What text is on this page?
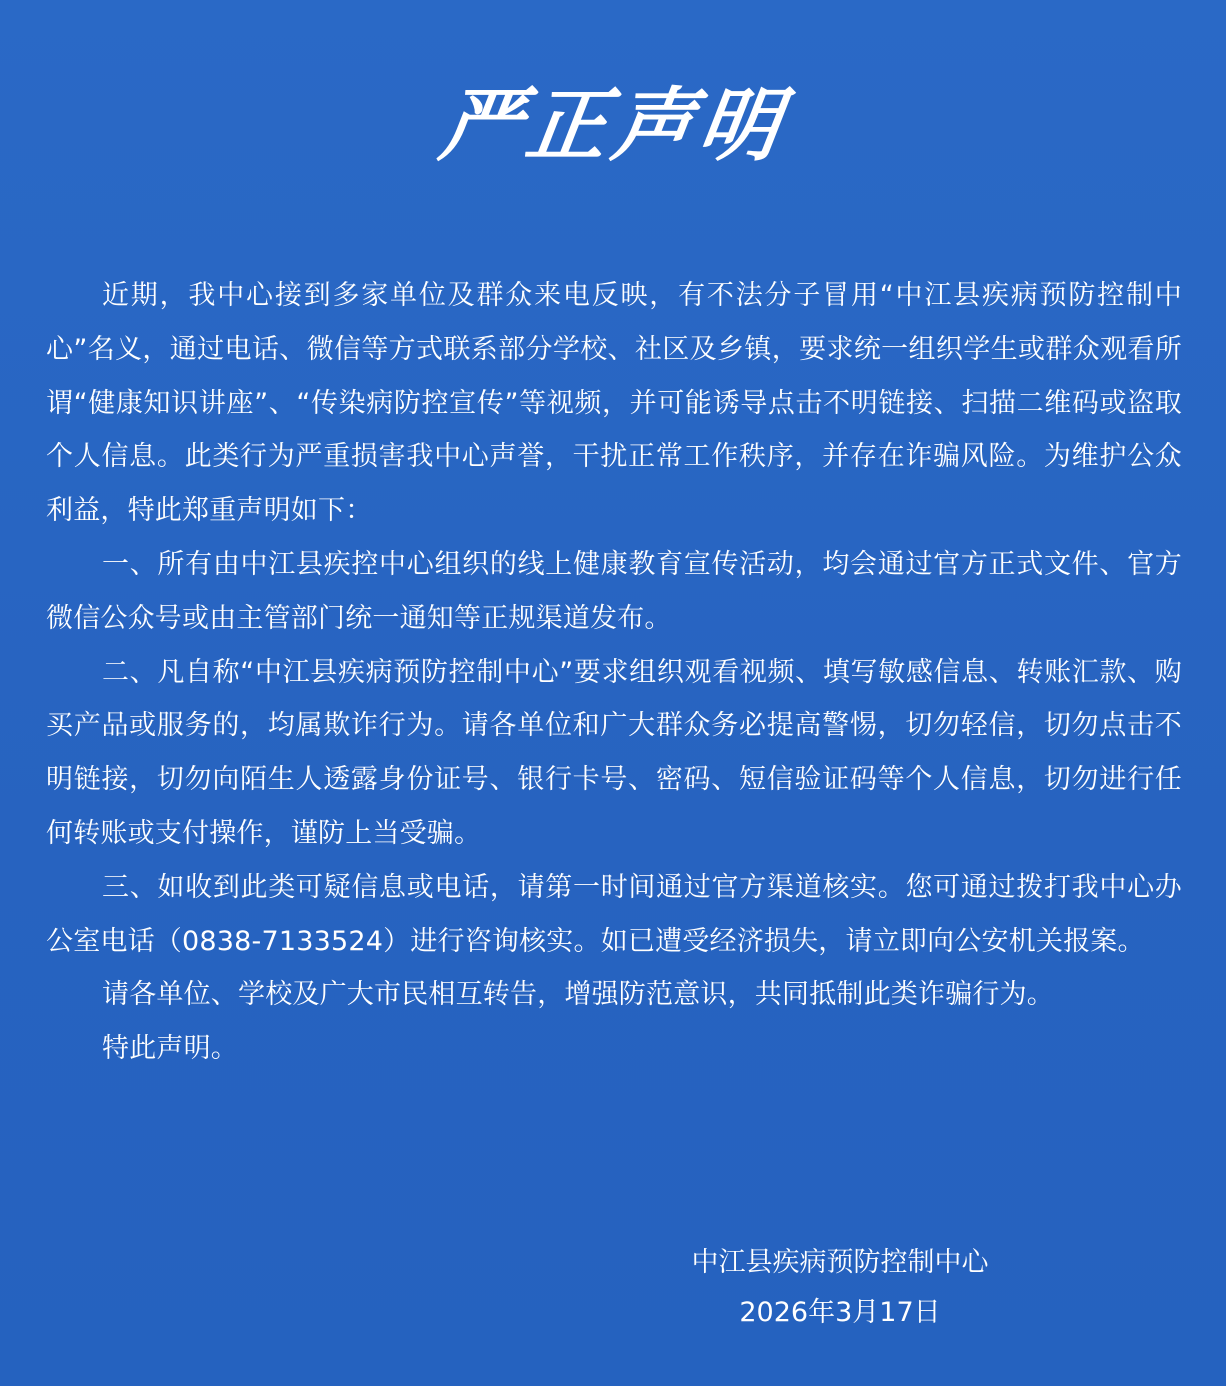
严正声明

近期，我中心接到多家单位及群众来电反映，有不法分子冒用“中江县疾病预防控制中心”名义，通过电话、微信等方式联系部分学校、社区及乡镇，要求统一组织学生或群众观看所谓“健康知识讲座”、“传染病防控宣传”等视频，并可能诱导点击不明链接、扫描二维码或盗取个人信息。此类行为严重损害我中心声誉，干扰正常工作秩序，并存在诈骗风险。为维护公众利益，特此郑重声明如下：

一、所有由中江县疾控中心组织的线上健康教育宣传活动，均会通过官方正式文件、官方微信公众号或由主管部门统一通知等正规渠道发布。

二、凡自称“中江县疾病预防控制中心”要求组织观看视频、填写敏感信息、转账汇款、购买产品或服务的，均属欺诈行为。请各单位和广大群众务必提高警惕，切勿轻信，切勿点击不明链接，切勿向陌生人透露身份证号、银行卡号、密码、短信验证码等个人信息，切勿进行任何转账或支付操作，谨防上当受骗。

三、如收到此类可疑信息或电话，请第一时间通过官方渠道核实。您可通过拨打我中心办公室电话（0838-7133524）进行咨询核实。如已遭受经济损失，请立即向公安机关报案。

请各单位、学校及广大市民相互转告，增强防范意识，共同抵制此类诈骗行为。

特此声明。

中江县疾病预防控制中心
2026年3月17日
